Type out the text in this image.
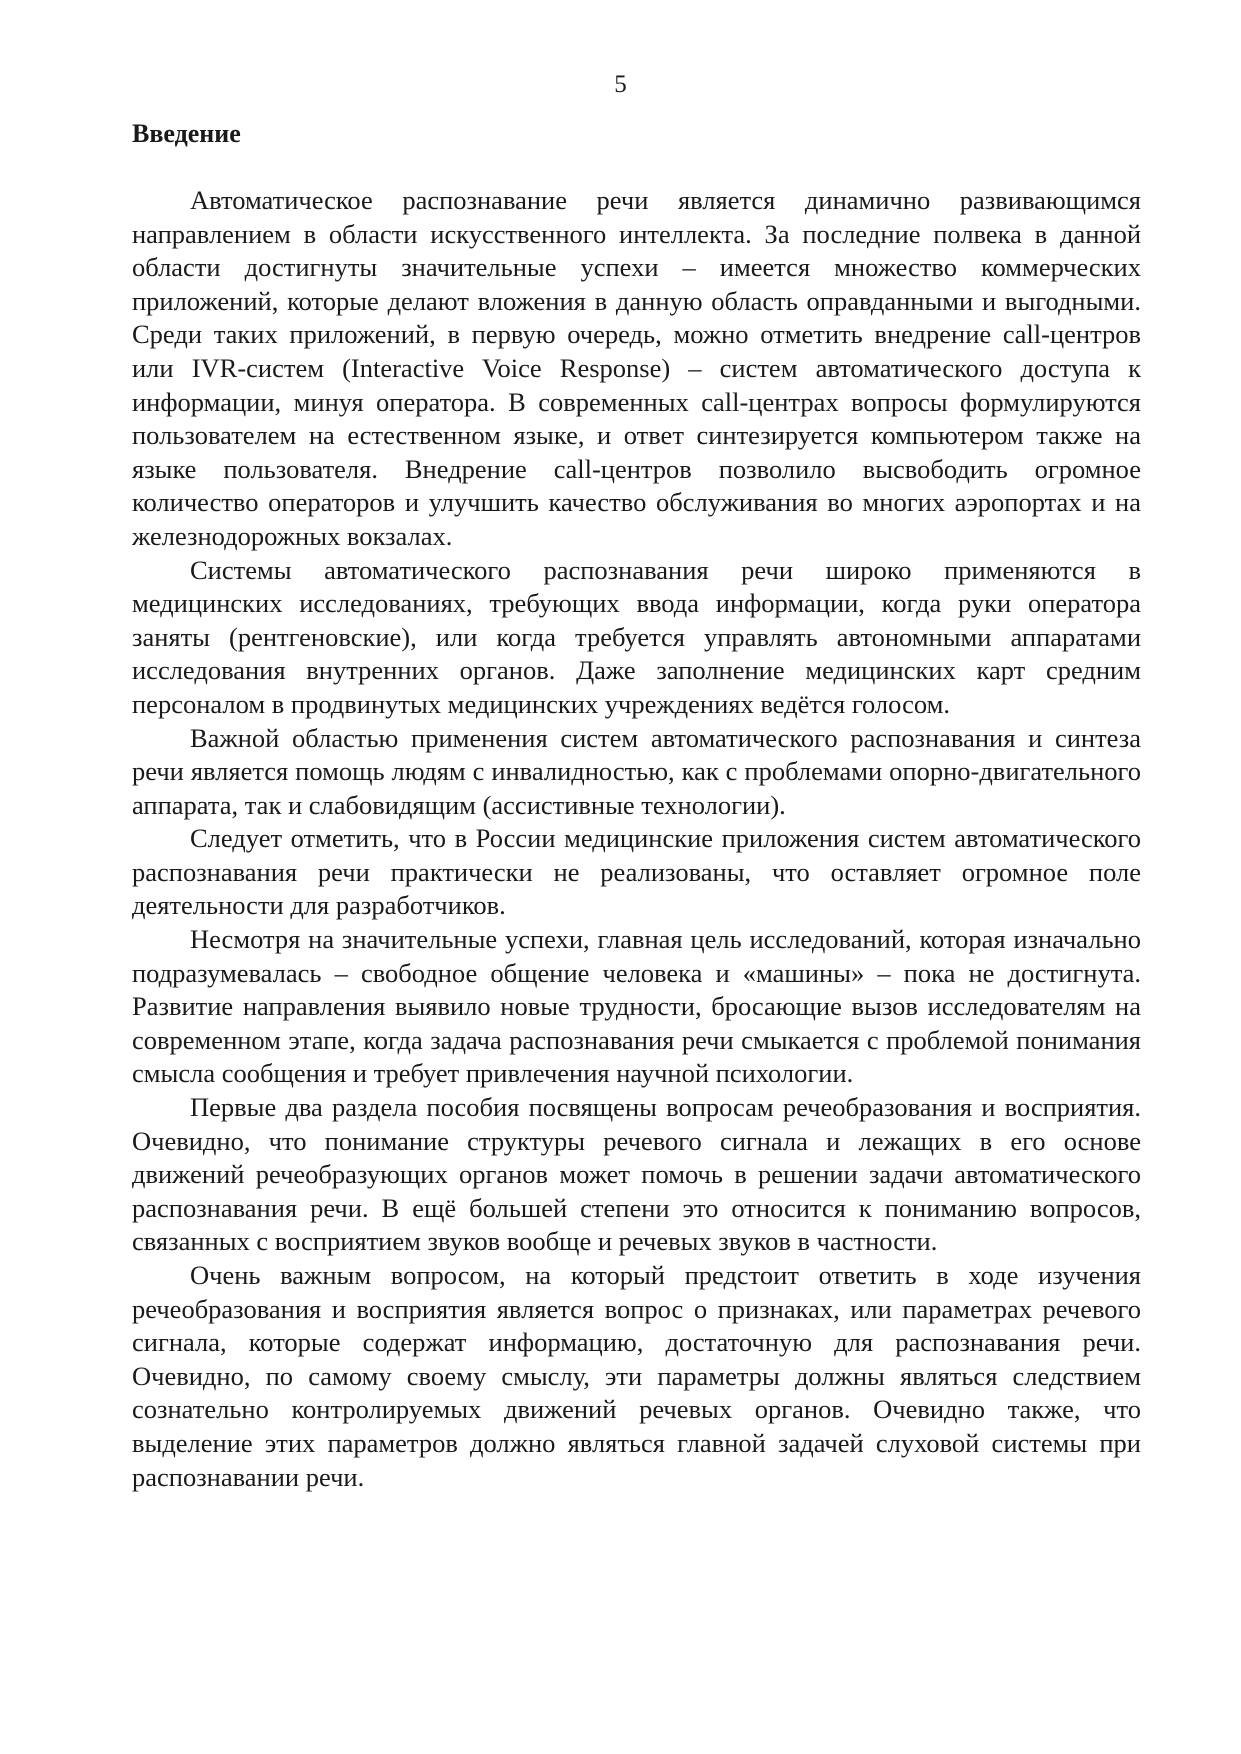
5
Введение

Автоматическое распознавание речи является динамично развивающимся направлением в области искусственного интеллекта. За последние полвека в данной области достигнуты значительные успехи – имеется множество коммерческих приложений, которые делают вложения в данную область оправданными и выгодными. Среди таких приложений, в первую очередь, можно отметить внедрение call-центров или IVR-систем (Interactive Voice Response) – систем автоматического доступа к информации, минуя оператора. В современных call-центрах вопросы формулируются пользователем на естественном языке, и ответ синтезируется компьютером также на языке пользователя. Внедрение call-центров позволило высвободить огромное количество операторов и улучшить качество обслуживания во многих аэропортах и на железнодорожных вокзалах.

Системы автоматического распознавания речи широко применяются в медицинских исследованиях, требующих ввода информации, когда руки оператора заняты (рентгеновские), или когда требуется управлять автономными аппаратами исследования внутренних органов. Даже заполнение медицинских карт средним персоналом в продвинутых медицинских учреждениях ведётся голосом.

Важной областью применения систем автоматического распознавания и синтеза речи является помощь людям с инвалидностью, как с проблемами опорно-двигательного аппарата, так и слабовидящим (ассистивные технологии).

Следует отметить, что в России медицинские приложения систем автоматического распознавания речи практически не реализованы, что оставляет огромное поле деятельности для разработчиков.

Несмотря на значительные успехи, главная цель исследований, которая изначально подразумевалась – свободное общение человека и «машины» – пока не достигнута. Развитие направления выявило новые трудности, бросающие вызов исследователям на современном этапе, когда задача распознавания речи смыкается с проблемой понимания смысла сообщения и требует привлечения научной психологии.

Первые два раздела пособия посвящены вопросам речеобразования и восприятия. Очевидно, что понимание структуры речевого сигнала и лежащих в его основе движений речеобразующих органов может помочь в решении задачи автоматического распознавания речи. В ещё большей степени это относится к пониманию вопросов, связанных с восприятием звуков вообще и речевых звуков в частности.

Очень важным вопросом, на который предстоит ответить в ходе изучения речеобразования и восприятия является вопрос о признаках, или параметрах речевого сигнала, которые содержат информацию, достаточную для распознавания речи. Очевидно, по самому своему смыслу, эти параметры должны являться следствием сознательно контролируемых движений речевых органов. Очевидно также, что выделение этих параметров должно являться главной задачей слуховой системы при распознавании речи.
